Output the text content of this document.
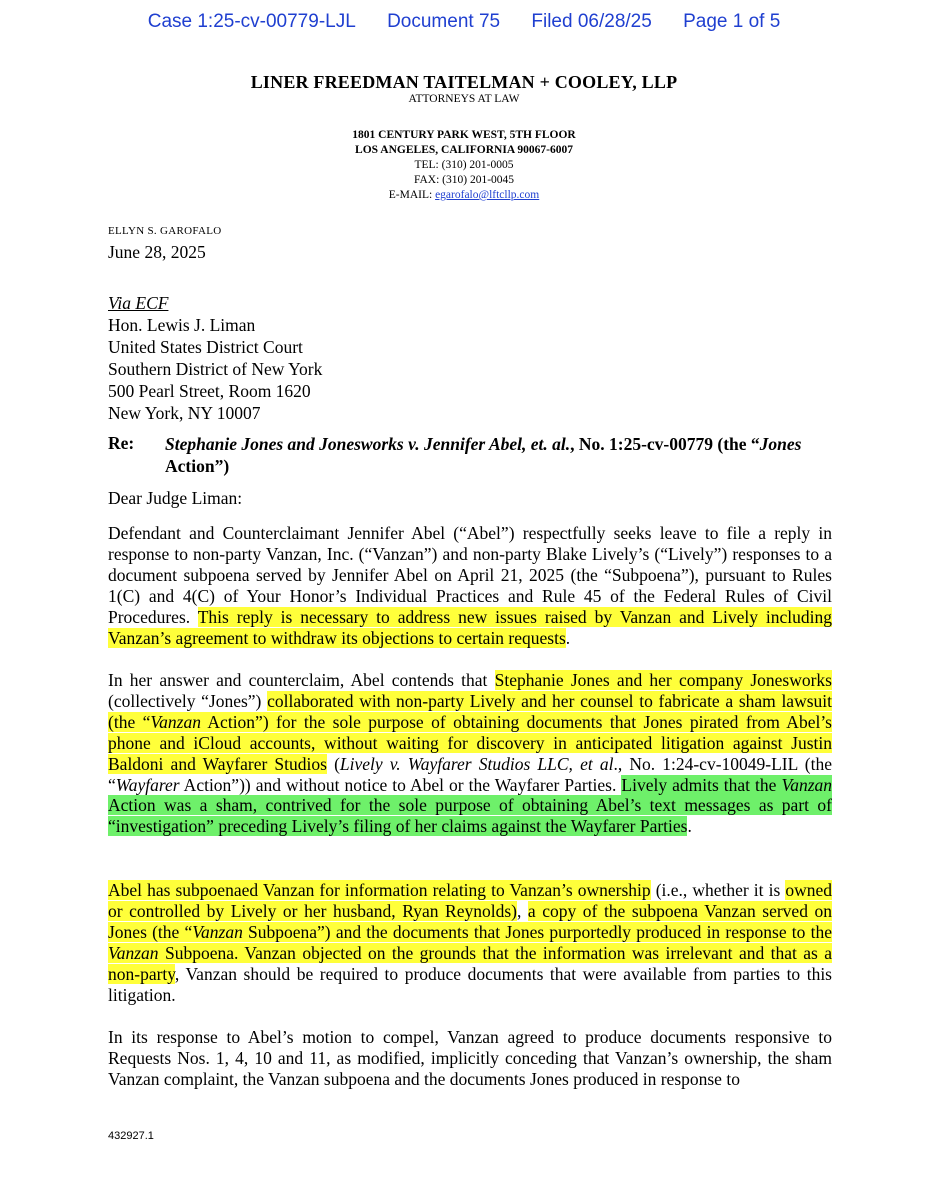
Case 1:25-cv-00779-LJL Document 75 Filed 06/28/25 Page 1 of 5
LINER FREEDMAN TAITELMAN + COOLEY, LLP
ATTORNEYS AT LAW
1801 CENTURY PARK WEST, 5TH FLOOR
LOS ANGELES, CALIFORNIA 90067-6007
TEL: (310) 201-0005
FAX: (310) 201-0045
E-MAIL: egarofalo@lftcllp.com
ELLYN S. GAROFALO
June 28, 2025
Via ECF
Hon. Lewis J. Liman
United States District Court
Southern District of New York
500 Pearl Street, Room 1620
New York, NY 10007
Re: Stephanie Jones and Jonesworks v. Jennifer Abel, et. al., No. 1:25-cv-00779 (the “Jones Action”)
Dear Judge Liman:
Defendant and Counterclaimant Jennifer Abel (“Abel”) respectfully seeks leave to file a reply in response to non-party Vanzan, Inc. (“Vanzan”) and non-party Blake Lively’s (“Lively”) responses to a document subpoena served by Jennifer Abel on April 21, 2025 (the “Subpoena”), pursuant to Rules 1(C) and 4(C) of Your Honor’s Individual Practices and Rule 45 of the Federal Rules of Civil Procedures. This reply is necessary to address new issues raised by Vanzan and Lively including Vanzan’s agreement to withdraw its objections to certain requests.
In her answer and counterclaim, Abel contends that Stephanie Jones and her company Jonesworks (collectively “Jones”) collaborated with non-party Lively and her counsel to fabricate a sham lawsuit (the “Vanzan Action”) for the sole purpose of obtaining documents that Jones pirated from Abel’s phone and iCloud accounts, without waiting for discovery in anticipated litigation against Justin Baldoni and Wayfarer Studios (Lively v. Wayfarer Studios LLC, et al., No. 1:24-cv-10049-LIL (the “Wayfarer Action”)) and without notice to Abel or the Wayfarer Parties. Lively admits that the Vanzan Action was a sham, contrived for the sole purpose of obtaining Abel’s text messages as part of “investigation” preceding Lively’s filing of her claims against the Wayfarer Parties.
Abel has subpoenaed Vanzan for information relating to Vanzan’s ownership (i.e., whether it is owned or controlled by Lively or her husband, Ryan Reynolds), a copy of the subpoena Vanzan served on Jones (the “Vanzan Subpoena”) and the documents that Jones purportedly produced in response to the Vanzan Subpoena. Vanzan objected on the grounds that the information was irrelevant and that as a non-party, Vanzan should be required to produce documents that were available from parties to this litigation.
In its response to Abel’s motion to compel, Vanzan agreed to produce documents responsive to Requests Nos. 1, 4, 10 and 11, as modified, implicitly conceding that Vanzan’s ownership, the sham Vanzan complaint, the Vanzan subpoena and the documents Jones produced in response to
432927.1
